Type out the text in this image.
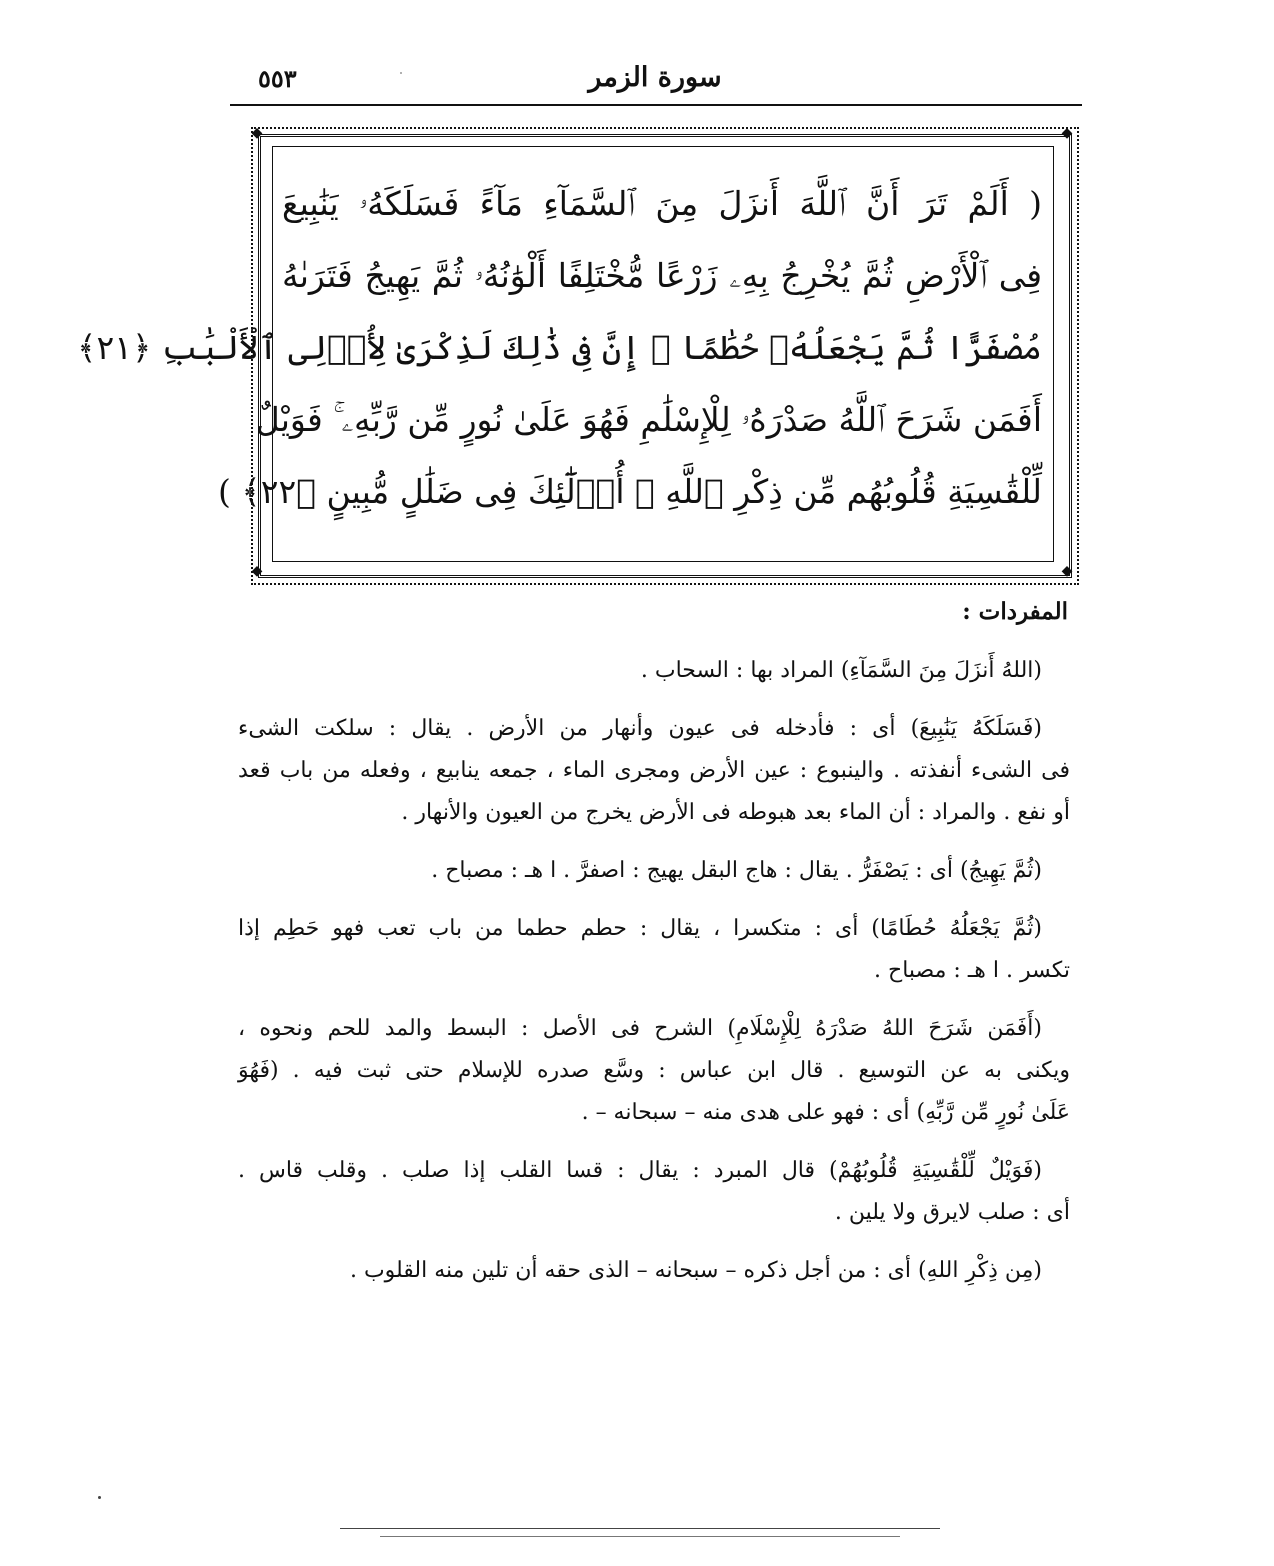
سورة الزمر
٥٥٣
◆	◆
◆	◆
( أَلَمْ تَرَ أَنَّ ٱللَّهَ أَنزَلَ مِنَ ٱلسَّمَآءِ مَآءً فَسَلَكَهُۥ يَنَٰبِيعَ
فِى ٱلْأَرْضِ ثُمَّ يُخْرِجُ بِهِۦ زَرْعًا مُّخْتَلِفًا أَلْوَٰنُهُۥ ثُمَّ يَهِيجُ فَتَرَىٰهُ
مُصْفَرًّا ثُمَّ يَجْعَلُهُۥ حُطَٰمًا ۚ إِنَّ فِى ذَٰلِكَ لَذِكْرَىٰ لِأُو۟لِى ٱلْأَلْبَٰبِ ﴿٢١﴾
أَفَمَن شَرَحَ ٱللَّهُ صَدْرَهُۥ لِلْإِسْلَٰمِ فَهُوَ عَلَىٰ نُورٍ مِّن رَّبِّهِۦ ۚ فَوَيْلٌ
لِّلْقَٰسِيَةِ قُلُوبُهُم مِّن ذِكْرِ ٱللَّهِ ۚ أُو۟لَٰٓئِكَ فِى ضَلَٰلٍ مُّبِينٍ ﴿٢٢﴾ )
المفردات :
(اللهُ أَنزَلَ مِنَ السَّمَآءِ) المراد بها : السحاب .
(فَسَلَكَهُ يَنَٰبِيعَ) أى : فأدخله فى عيون وأنهار من الأرض . يقال : سلكت الشىء
فى الشىء أنفذته . والينبوع : عين الأرض ومجرى الماء ، جمعه ينابيع ، وفعله من باب قعد
أو نفع . والمراد : أن الماء بعد هبوطه فى الأرض يخرج من العيون والأنهار .
(ثُمَّ يَهِيجُ) أى : يَصْفَرُّ . يقال : هاج البقل يهيج : اصفرَّ . ا هـ : مصباح .
(ثُمَّ يَجْعَلُهُ حُطَامًا) أى : متكسرا ، يقال : حطم حطما من باب تعب فهو حَطِم إذا
تكسر . ا هـ : مصباح .
(أَفَمَن شَرَحَ اللهُ صَدْرَهُ لِلْإِسْلَامِ) الشرح فى الأصل : البسط والمد للحم ونحوه ،
ويكنى به عن التوسيع . قال ابن عباس : وسَّع صدره للإسلام حتى ثبت فيه . (فَهُوَ
عَلَىٰ نُورٍ مِّن رَّبِّهِ) أى : فهو على هدى منه – سبحانه – .
(فَوَيْلٌ لِّلْقَٰسِيَةِ قُلُوبُهُمْ) قال المبرد : يقال : قسا القلب إذا صلب . وقلب قاس .
أى : صلب لايرق ولا يلين .
(مِن ذِكْرِ اللهِ) أى : من أجل ذكره – سبحانه – الذى حقه أن تلين منه القلوب .
